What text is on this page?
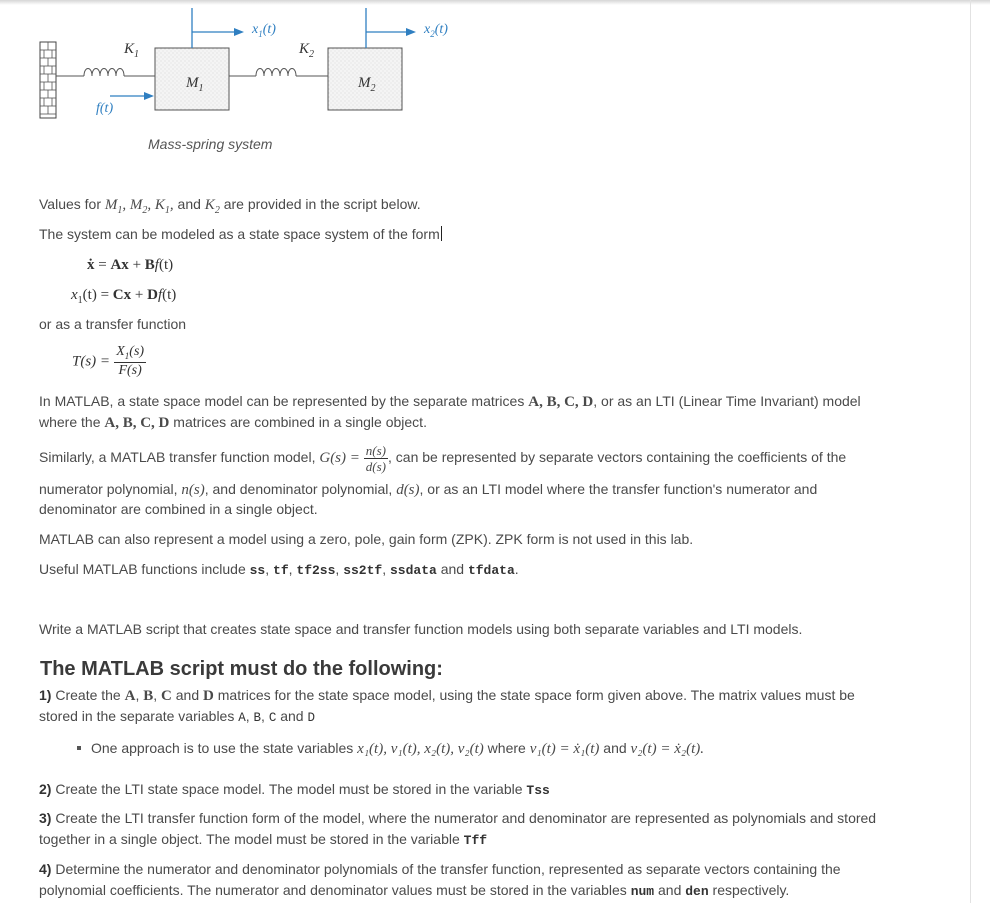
$K_1$	$K_2$
$M_1$	$M_2$
$x_1(t)$	$x_2(t)$
f(t)
Mass-spring system
Values for $M_1$, $M_2$, $K_1$, and $K_2$ are provided in the script below.
The system can be modeled as a state space system of the form
ẋ = Ax + Bf(t)
$x_1(t) = Cx + Df(t)$
or as a transfer function
$T(s) = \frac{X_1(s)}{F(s)}$
In MATLAB, a state space model can be represented by the separate matrices A, B, C, D, or as an LTI (Linear Time Invariant) model
where the A, B, C, D matrices are combined in a single object.
Similarly, a MATLAB transfer function model, $G(s) = \frac{n(s)}{d(s)}$ , can be represented by separate vectors containing the coefficients of the
numerator polynomial, n(s), and denominator polynomial, d(s), or as an LTI model where the transfer function's numerator and
denominator are combined in a single object.
MATLAB can also represent a model using a zero, pole, gain form (ZPK). ZPK form is not used in this lab.
Useful MATLAB functions include ss, tf, tf2ss, ss2tf, ssdata and tfdata.
Write a MATLAB script that creates state space and transfer function models using both separate variables and LTI models.
The MATLAB script must do the following:
1) Create the A, B, C and D matrices for the state space model, using the state space form given above. The matrix values must be
stored in the separate variables A, B, C and D
One approach is to use the state variables x₁(t), v₁(t), x₂(t), v₂(t) where v₁(t) = ẋ₁(t) and v₂(t) = ẋ₂(t).
2) Create the LTI state space model. The model must be stored in the variable Tss
3) Create the LTI transfer function form of the model, where the numerator and denominator are represented as polynomials and stored
together in a single object. The model must be stored in the variable Tff
4) Determine the numerator and denominator polynomials of the transfer function, represented as separate vectors containing the
polynomial coefficients. The numerator and denominator values must be stored in the variables num and den respectively.
